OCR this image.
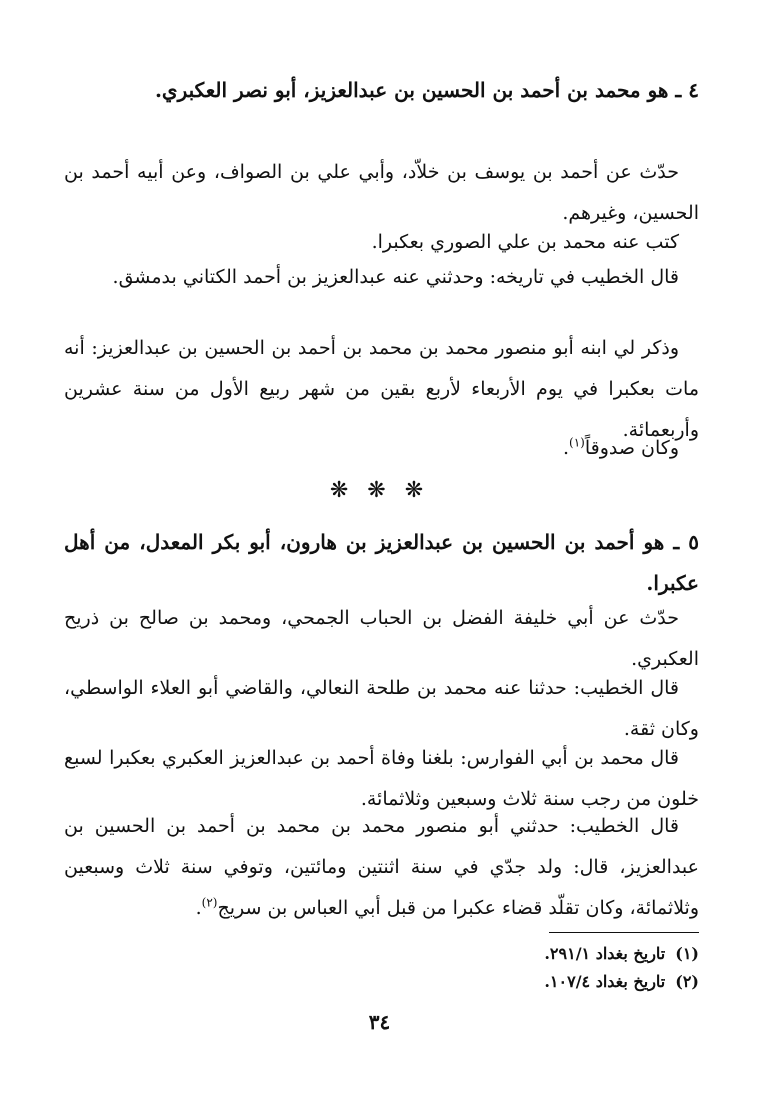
٤ ـ هو محمد بن أحمد بن الحسين بن عبدالعزيز، أبو نصر العكبري.
حدّث عن أحمد بن يوسف بن خلاّد، وأبي علي بن الصواف، وعن أبيه أحمد بن الحسين، وغيرهم.
كتب عنه محمد بن علي الصوري بعكبرا.
قال الخطيب في تاريخه: وحدثني عنه عبدالعزيز بن أحمد الكتاني بدمشق.
وذكر لي ابنه أبو منصور محمد بن محمد بن أحمد بن الحسين بن عبدالعزيز: أنه مات بعكبرا في يوم الأربعاء لأربع بقين من شهر ربيع الأول من سنة عشرين وأربعمائة.
وكان صدوقاً$^{(١)}$.
❋ ❋ ❋
٥ ـ هو أحمد بن الحسين بن عبدالعزيز بن هارون، أبو بكر المعدل، من أهل عكبرا.
حدّث عن أبي خليفة الفضل بن الحباب الجمحي، ومحمد بن صالح بن ذريح العكبري.
قال الخطيب: حدثنا عنه محمد بن طلحة النعالي، والقاضي أبو العلاء الواسطي، وكان ثقة.
قال محمد بن أبي الفوارس: بلغنا وفاة أحمد بن عبدالعزيز العكبري بعكبرا لسبع خلون من رجب سنة ثلاث وسبعين وثلاثمائة.
قال الخطيب: حدثني أبو منصور محمد بن محمد بن أحمد بن الحسين بن عبدالعزيز، قال: ولد جدّي في سنة اثنتين ومائتين، وتوفي سنة ثلاث وسبعين وثلاثمائة، وكان تقلّد قضاء عكبرا من قبل أبي العباس بن سريج$^{(٢)}$.
(١)تاريخ بغداد ٢٩١/١.
(٢)تاريخ بغداد ١٠٧/٤.
٣٤
